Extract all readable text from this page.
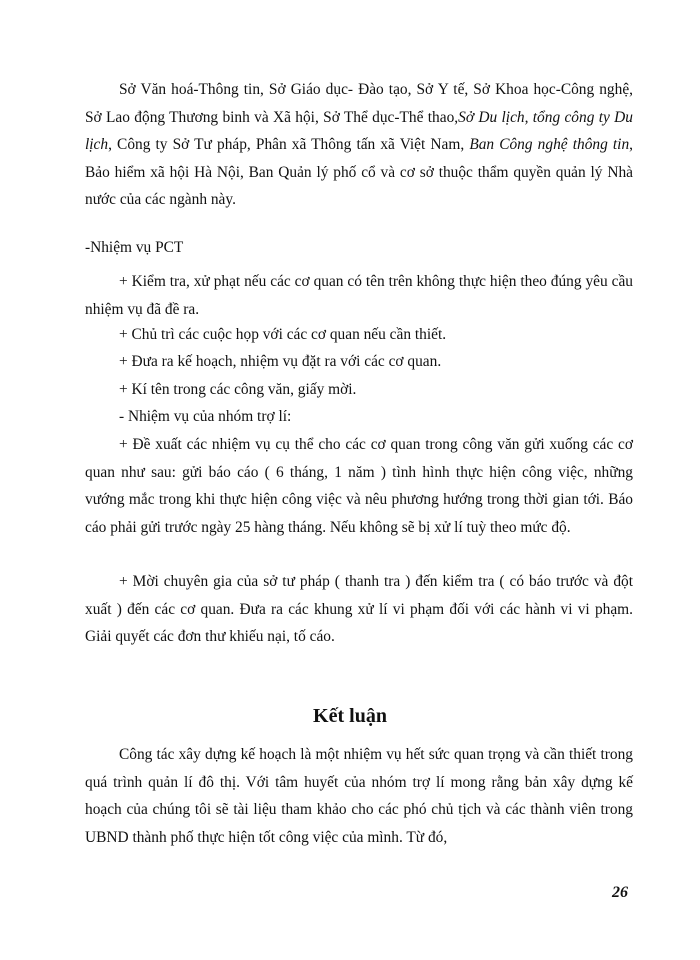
Sở Văn hoá-Thông tin, Sở Giáo dục- Đào tạo, Sở Y tế, Sở Khoa học-Công nghệ, Sở Lao động Thương binh và Xã hội, Sở Thể dục-Thể thao,Sở Du lịch, tổng công ty Du lịch, Công ty Sở Tư pháp, Phân xã Thông tấn xã Việt Nam, Ban Công nghệ thông tin, Bảo hiểm xã hội Hà Nội, Ban Quản lý phố cổ và cơ sở thuộc thẩm quyền quản lý Nhà nước của các ngành này.

-Nhiệm vụ PCT

+ Kiểm tra, xử phạt nếu các cơ quan có tên trên không thực hiện theo đúng yêu cầu nhiệm vụ đã đề ra.

+ Chủ trì các cuộc họp với các cơ quan nếu cần thiết.

+ Đưa ra kế hoạch, nhiệm vụ đặt ra với các cơ quan.

+ Kí tên trong các công văn, giấy mời.

- Nhiệm vụ của nhóm trợ lí:

+ Đề xuất các nhiệm vụ cụ thể cho các cơ quan trong công văn gửi xuống các cơ quan như sau: gửi báo cáo ( 6 tháng, 1 năm ) tình hình thực hiện công việc, những vướng mắc trong khi thực hiện công việc và nêu phương hướng trong thời gian tới. Báo cáo phải gửi trước ngày 25 hàng tháng. Nếu không sẽ bị xử lí tuỳ theo mức độ.

+ Mời chuyên gia của sở tư pháp ( thanh tra ) đến kiểm tra ( có báo trước và đột xuất ) đến các cơ quan. Đưa ra các khung xử lí vi phạm đối với các hành vi vi phạm. Giải quyết các đơn thư khiếu nại, tố cáo.

Kết luận

Công tác xây dựng kế hoạch là một nhiệm vụ hết sức quan trọng và cần thiết trong quá trình quản lí đô thị. Với tâm huyết của nhóm trợ lí mong rằng bản xây dựng kế hoạch của chúng tôi sẽ tài liệu tham khảo cho các phó chủ tịch và các thành viên trong UBND thành phố thực hiện tốt công việc của mình. Từ đó,

26
